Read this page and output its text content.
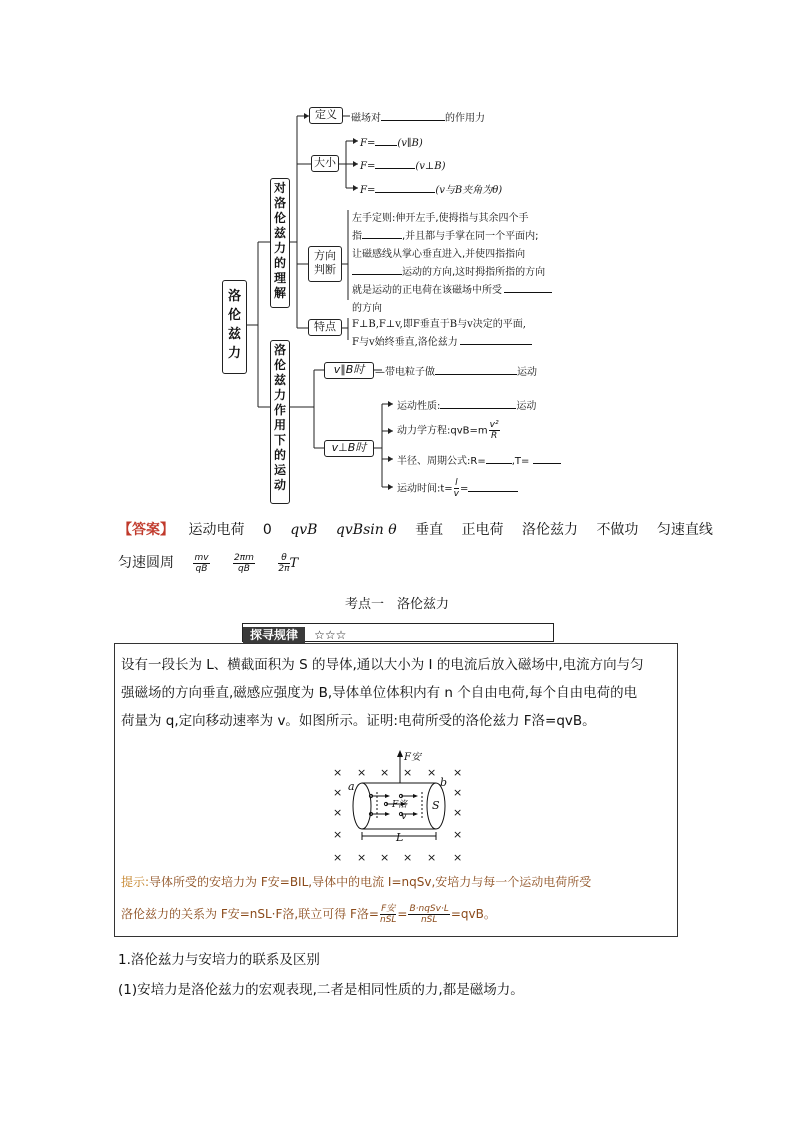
洛
伦
兹
力
对
洛
伦
兹
力
的
理
解
洛
伦
兹
力
作
用
下
的
运
动
定义	磁场对	的作用力
大小
F= (v∥B)
F=	(v⊥B)
F=	(v与B夹角为θ)
方向
判断
左手定则:伸开左手,使拇指与其余四个手
指	,并且都与手掌在同一个平面内;
让磁感线从掌心垂直进入,并使四指指向
运动的方向,这时拇指所指的方向
就是运动的正电荷在该磁场中所受
的方向
特点	F⊥B,F⊥v,即F垂直于B与v决定的平面,
F与v始终垂直,洛伦兹力
v∥B时	—带电粒子做	运动
v⊥B时
运动性质:	运动
动力学方程:qvB=m $\frac{\text{v²}}{R}$
半径、周期公式:R=	,T=
运动时间:t= $\frac{l}{v}$ =
【答案】 运动电荷 0 qvB qvBsin θ 垂直 正电荷 洛伦兹力 不做功 匀速直线
匀速圆周 $\frac{mv}{qB}$
	$\frac{2\pi m}{qB}$
	$\frac{\theta}{2\pi}$ T
考点一　洛伦兹力
探寻规律 ☆☆☆
设有一段长为 L、横截面积为 S 的导体,通以大小为 I 的电流后放入磁场中,电流方向与匀
强磁场的方向垂直,磁感应强度为 B,导体单位体积内有 n 个自由电荷,每个自由电荷的电
荷量为 q,定向移动速率为 v。如图所示。证明:电荷所受的洛伦兹力 F洛=qvB。
F安
F洛
v
a	b
S
L
× × × × × ×
×	×
×	×
×	×
× × × × × ×
提示:导体所受的安培力为 F安=BIL,导体中的电流 I=nqSv,安培力与每一个运动电荷所受
洛伦兹力的关系为 F安=nSL·F洛,联立可得 F洛= $\frac{\text{F安}}{\text{nSL}} = \frac{\text{B·nqSv·L}}{\text{nSL}} =qvB$。
1.洛伦兹力与安培力的联系及区别
(1)安培力是洛伦兹力的宏观表现,二者是相同性质的力,都是磁场力。
